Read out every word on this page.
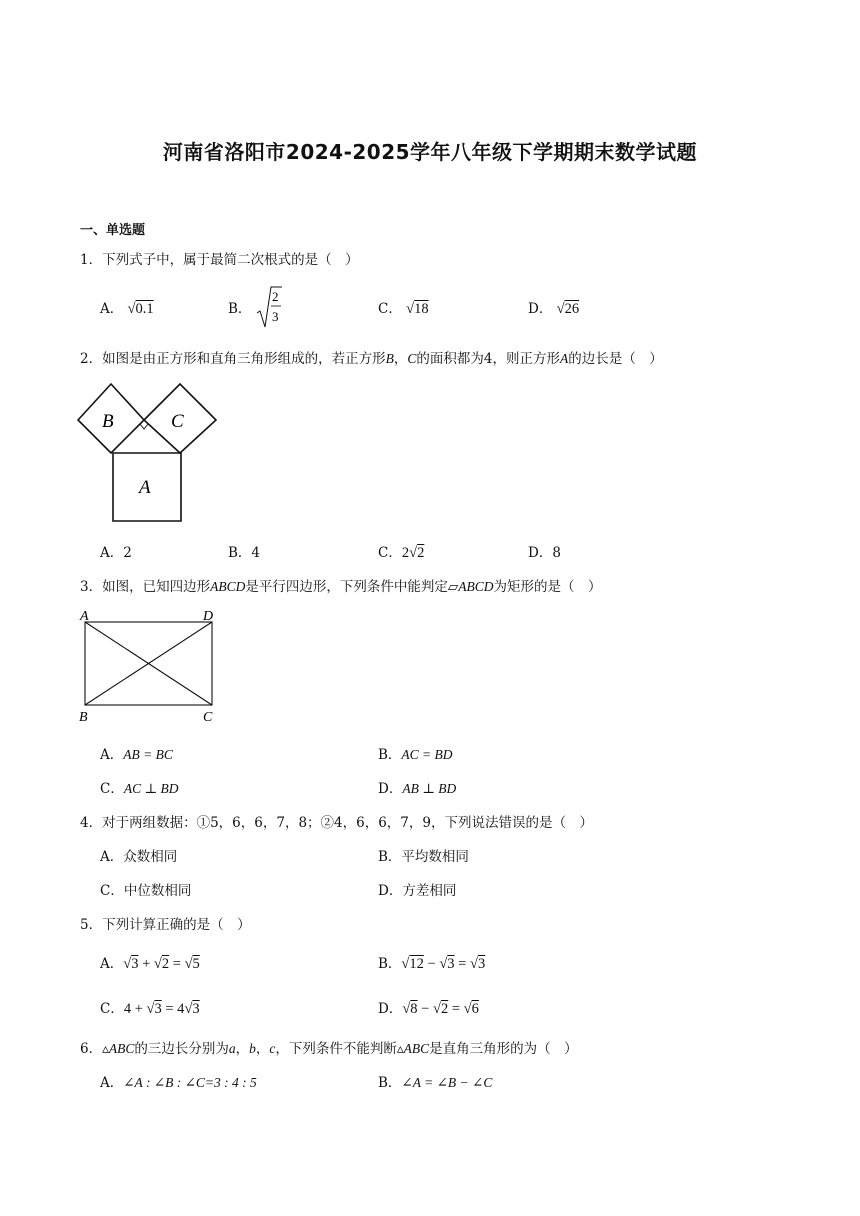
河南省洛阳市2024-2025学年八年级下学期期末数学试题
一、单选题
1．下列式子中，属于最简二次根式的是（　）
A． √0.1	B．
2
3	C． √18	D． √26
2．如图是由正方形和直角三角形组成的，若正方形B，C的面积都为4，则正方形A的边长是（　）
B	C
A
A．2	B．4	C．2√2	D．8
3．如图，已知四边形ABCD是平行四边形，下列条件中能判定▱ABCD为矩形的是（　）
A	D
B	C
A．AB = BC	B．AC = BD
C．AC ⊥ BD	D．AB ⊥ BD
4．对于两组数据：①5，6，6，7，8；②4，6，6，7，9，下列说法错误的是（　）
A．众数相同	B．平均数相同
C．中位数相同	D．方差相同
5．下列计算正确的是（　）
A．√3 + √2 = √5	B．√12 − √3 = √3
C．4 + √3 = 4√3	D．√8 − √2 = √6
6．▵ABC的三边长分别为a，b，c，下列条件不能判断▵ABC是直角三角形的为（　）
A．∠A : ∠B : ∠C=3 : 4 : 5	B．∠A = ∠B − ∠C
